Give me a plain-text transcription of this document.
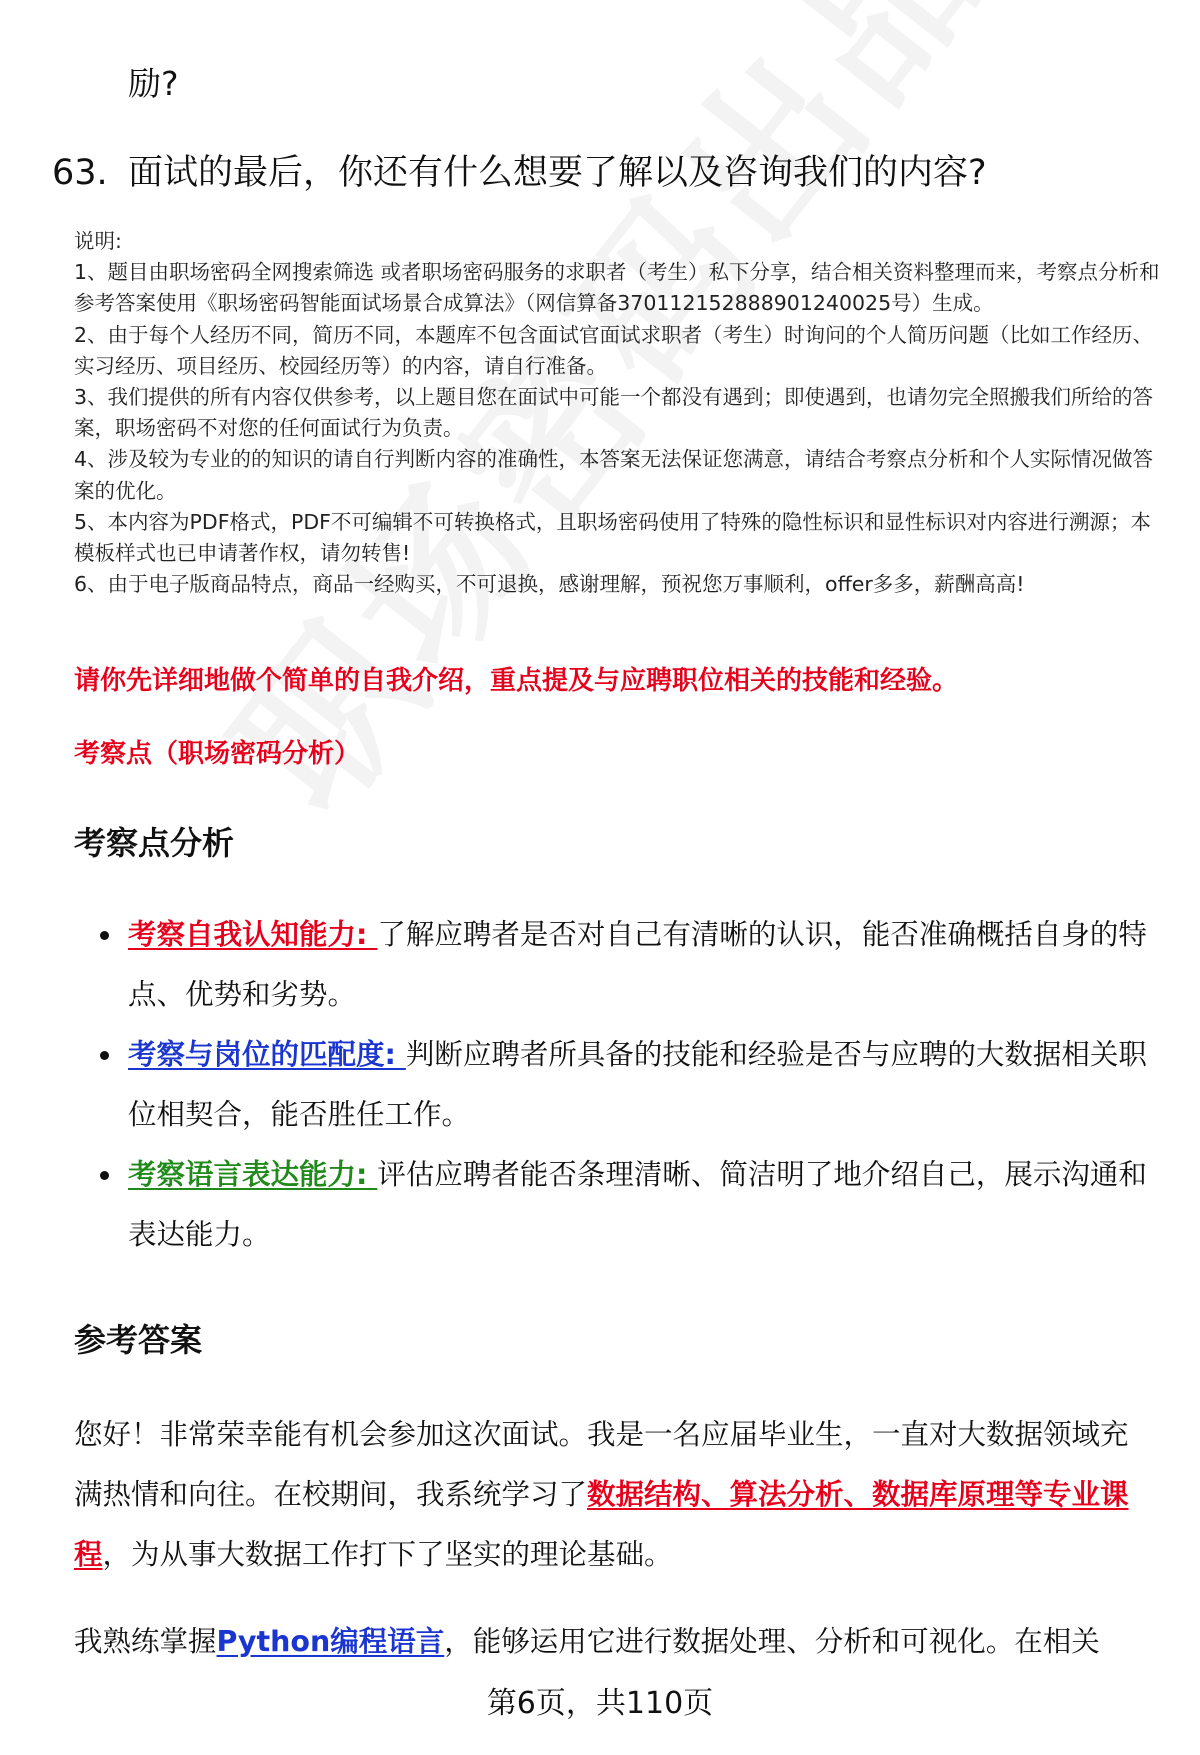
励?
63. 面试的最后，你还有什么想要了解以及咨询我们的内容?
说明:
1、题目由职场密码全网搜索筛选 或者职场密码服务的求职者（考生）私下分享，结合相关资料整理而来，考察点分析和参考答案使用《职场密码智能面试场景合成算法》（网信算备370112152888901240025号）生成。
2、由于每个人经历不同，简历不同，本题库不包含面试官面试求职者（考生）时询问的个人简历问题（比如工作经历、实习经历、项目经历、校园经历等）的内容，请自行准备。
3、我们提供的所有内容仅供参考，以上题目您在面试中可能一个都没有遇到；即使遇到，也请勿完全照搬我们所给的答案，职场密码不对您的任何面试行为负责。
4、涉及较为专业的的知识的请自行判断内容的准确性，本答案无法保证您满意，请结合考察点分析和个人实际情况做答案的优化。
5、本内容为PDF格式，PDF不可编辑不可转换格式，且职场密码使用了特殊的隐性标识和显性标识对内容进行溯源；本模板样式也已申请著作权，请勿转售!
6、由于电子版商品特点，商品一经购买，不可退换，感谢理解，预祝您万事顺利，offer多多，薪酬高高!
请你先详细地做个简单的自我介绍，重点提及与应聘职位相关的技能和经验。
考察点（职场密码分析）
考察点分析
考察自我认知能力: 了解应聘者是否对自己有清晰的认识，能否准确概括自身的特点、优势和劣势。
考察与岗位的匹配度: 判断应聘者所具备的技能和经验是否与应聘的大数据相关职位相契合，能否胜任工作。
考察语言表达能力: 评估应聘者能否条理清晰、简洁明了地介绍自己，展示沟通和表达能力。
参考答案
您好！非常荣幸能有机会参加这次面试。我是一名应届毕业生，一直对大数据领域充满热情和向往。在校期间，我系统学习了数据结构、算法分析、数据库原理等专业课程，为从事大数据工作打下了坚实的理论基础。
我熟练掌握Python编程语言，能够运用它进行数据处理、分析和可视化。在相关
第6页，共110页
